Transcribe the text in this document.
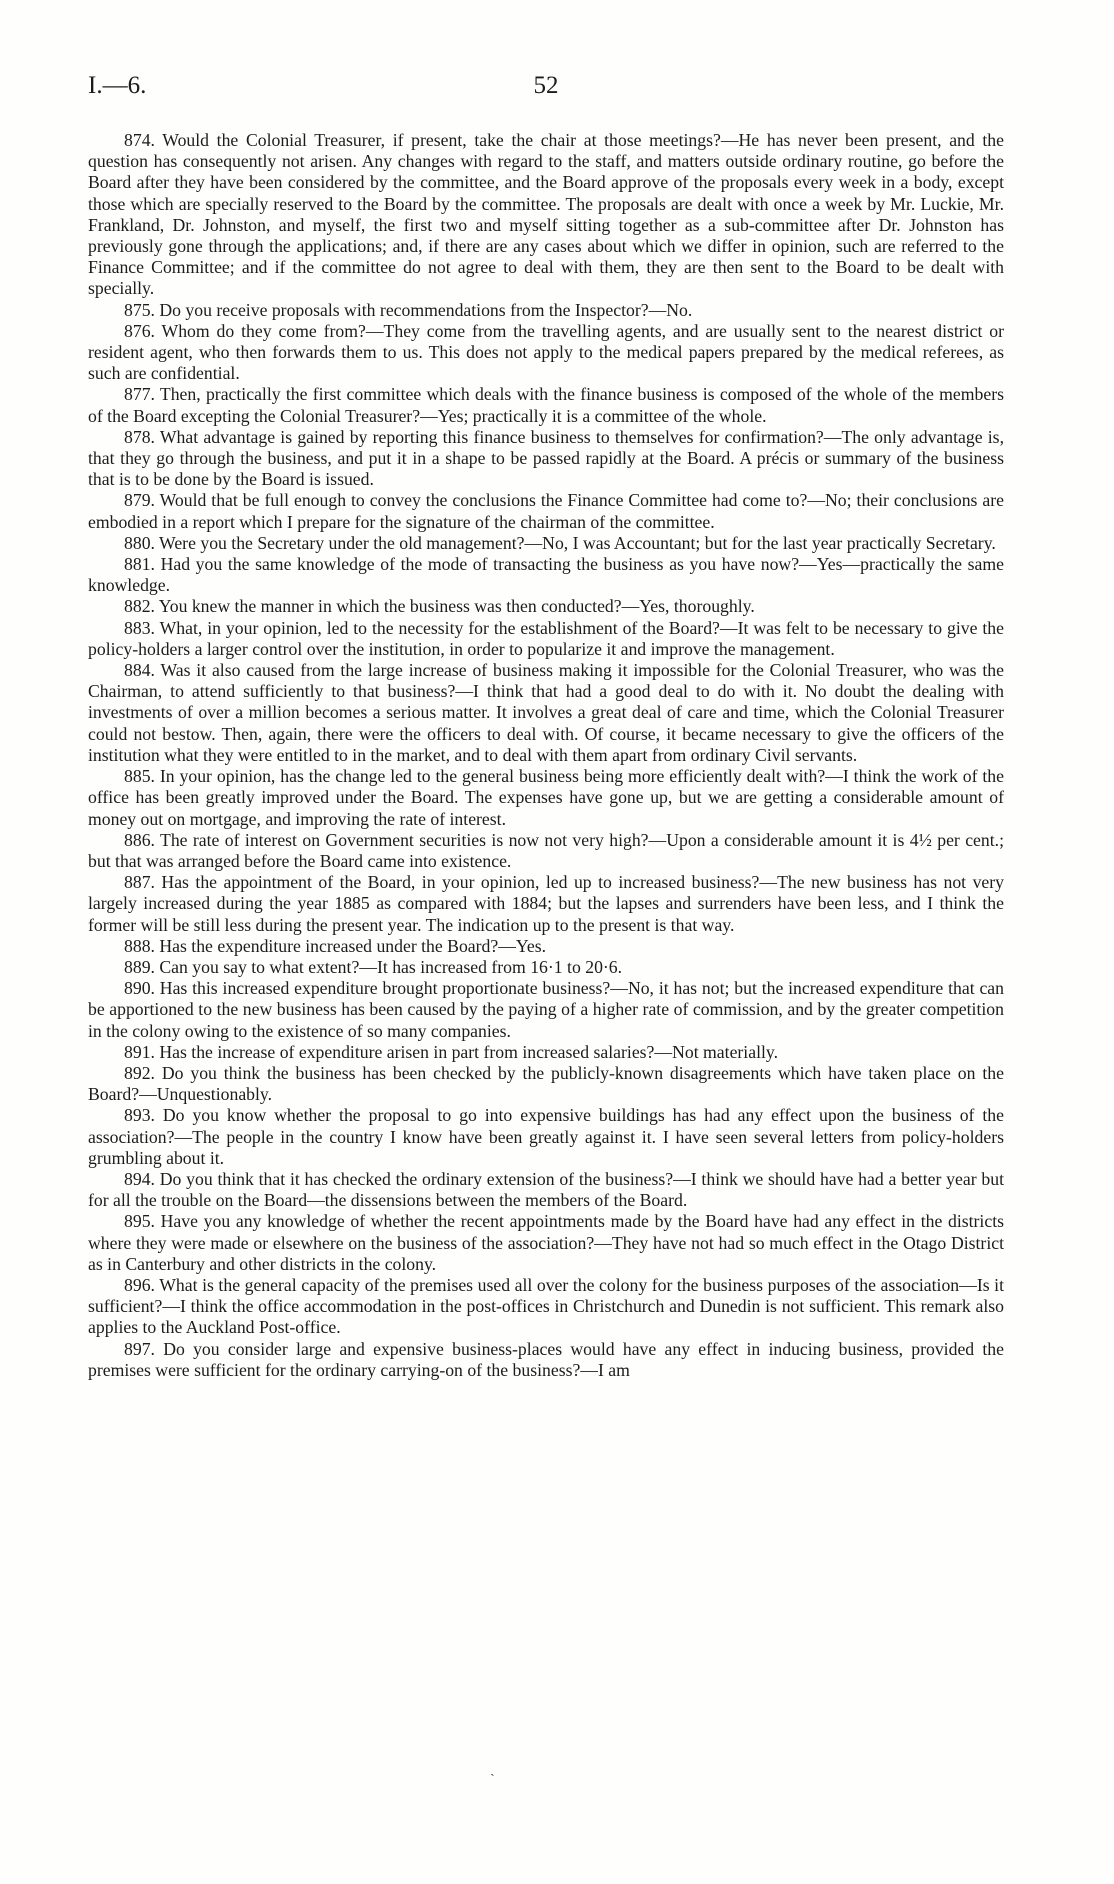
I.—6.	52

874. Would the Colonial Treasurer, if present, take the chair at those meetings?—He has never been present, and the question has consequently not arisen. Any changes with regard to the staff, and matters outside ordinary routine, go before the Board after they have been considered by the committee, and the Board approve of the proposals every week in a body, except those which are specially reserved to the Board by the committee. The proposals are dealt with once a week by Mr. Luckie, Mr. Frankland, Dr. Johnston, and myself, the first two and myself sitting together as a sub-committee after Dr. Johnston has previously gone through the applications; and, if there are any cases about which we differ in opinion, such are referred to the Finance Committee; and if the committee do not agree to deal with them, they are then sent to the Board to be dealt with specially.

875. Do you receive proposals with recommendations from the Inspector?—No.

876. Whom do they come from?—They come from the travelling agents, and are usually sent to the nearest district or resident agent, who then forwards them to us. This does not apply to the medical papers prepared by the medical referees, as such are confidential.

877. Then, practically the first committee which deals with the finance business is composed of the whole of the members of the Board excepting the Colonial Treasurer?—Yes; practically it is a committee of the whole.

878. What advantage is gained by reporting this finance business to themselves for confirmation?—The only advantage is, that they go through the business, and put it in a shape to be passed rapidly at the Board. A précis or summary of the business that is to be done by the Board is issued.

879. Would that be full enough to convey the conclusions the Finance Committee had come to?—No; their conclusions are embodied in a report which I prepare for the signature of the chairman of the committee.

880. Were you the Secretary under the old management?—No, I was Accountant; but for the last year practically Secretary.

881. Had you the same knowledge of the mode of transacting the business as you have now?—Yes—practically the same knowledge.

882. You knew the manner in which the business was then conducted?—Yes, thoroughly.

883. What, in your opinion, led to the necessity for the establishment of the Board?—It was felt to be necessary to give the policy-holders a larger control over the institution, in order to popularize it and improve the management.

884. Was it also caused from the large increase of business making it impossible for the Colonial Treasurer, who was the Chairman, to attend sufficiently to that business?—I think that had a good deal to do with it. No doubt the dealing with investments of over a million becomes a serious matter. It involves a great deal of care and time, which the Colonial Treasurer could not bestow. Then, again, there were the officers to deal with. Of course, it became necessary to give the officers of the institution what they were entitled to in the market, and to deal with them apart from ordinary Civil servants.

885. In your opinion, has the change led to the general business being more efficiently dealt with?—I think the work of the office has been greatly improved under the Board. The expenses have gone up, but we are getting a considerable amount of money out on mortgage, and improving the rate of interest.

886. The rate of interest on Government securities is now not very high?—Upon a considerable amount it is 4½ per cent.; but that was arranged before the Board came into existence.

887. Has the appointment of the Board, in your opinion, led up to increased business?—The new business has not very largely increased during the year 1885 as compared with 1884; but the lapses and surrenders have been less, and I think the former will be still less during the present year. The indication up to the present is that way.

888. Has the expenditure increased under the Board?—Yes.

889. Can you say to what extent?—It has increased from 16·1 to 20·6.

890. Has this increased expenditure brought proportionate business?—No, it has not; but the increased expenditure that can be apportioned to the new business has been caused by the paying of a higher rate of commission, and by the greater competition in the colony owing to the existence of so many companies.

891. Has the increase of expenditure arisen in part from increased salaries?—Not materially.

892. Do you think the business has been checked by the publicly-known disagreements which have taken place on the Board?—Unquestionably.

893. Do you know whether the proposal to go into expensive buildings has had any effect upon the business of the association?—The people in the country I know have been greatly against it. I have seen several letters from policy-holders grumbling about it.

894. Do you think that it has checked the ordinary extension of the business?—I think we should have had a better year but for all the trouble on the Board—the dissensions between the members of the Board.

895. Have you any knowledge of whether the recent appointments made by the Board have had any effect in the districts where they were made or elsewhere on the business of the association?—They have not had so much effect in the Otago District as in Canterbury and other districts in the colony.

896. What is the general capacity of the premises used all over the colony for the business purposes of the association—Is it sufficient?—I think the office accommodation in the post-offices in Christchurch and Dunedin is not sufficient. This remark also applies to the Auckland Post-office.

897. Do you consider large and expensive business-places would have any effect in inducing business, provided the premises were sufficient for the ordinary carrying-on of the business?—I am

ˎ
